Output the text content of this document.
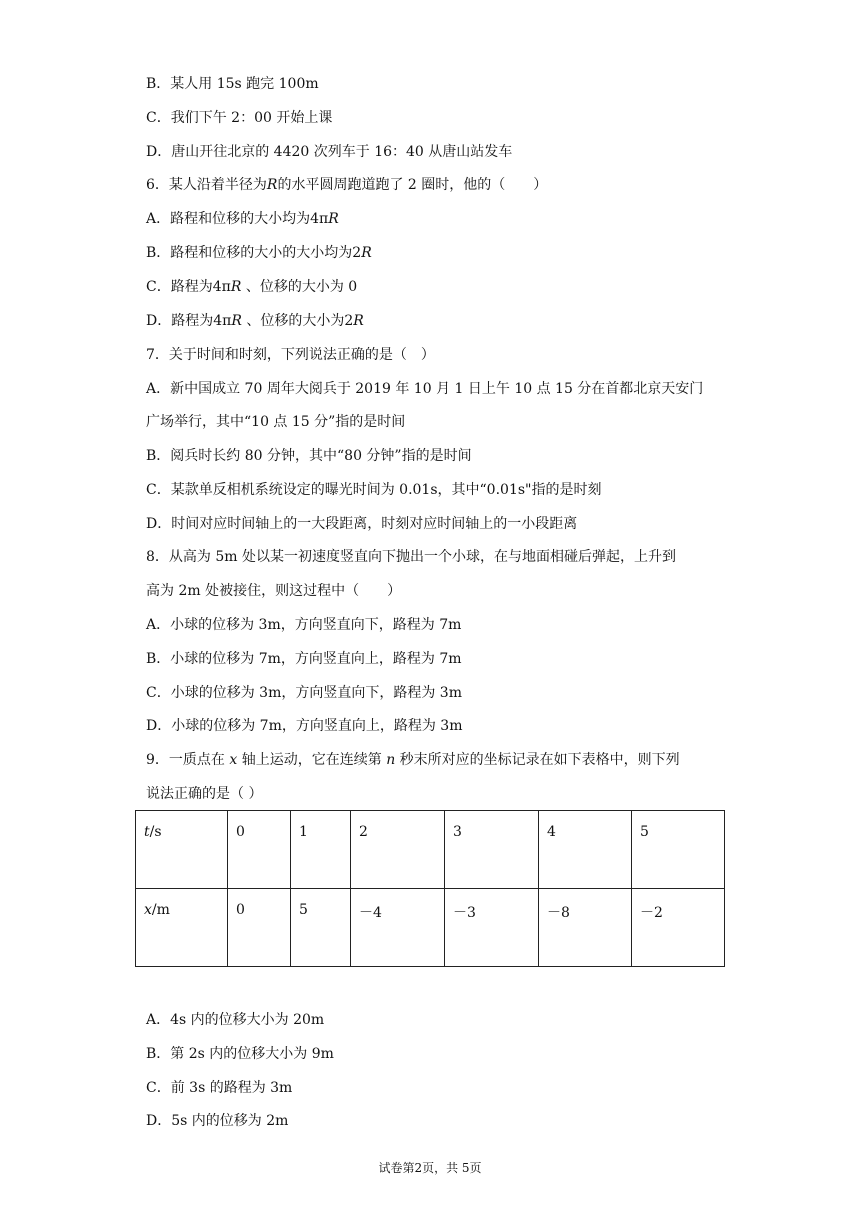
B．某人用 15s 跑完 100m
C．我们下午 2：00 开始上课
D．唐山开往北京的 4420 次列车于 16：40 从唐山站发车
6．某人沿着半径为R的水平圆周跑道跑了 2 圈时，他的（　　）
A．路程和位移的大小均为4πR
B．路程和位移的大小的大小均为2R
C．路程为4πR 、位移的大小为 0
D．路程为4πR 、位移的大小为2R
7．关于时间和时刻，下列说法正确的是（　）
A．新中国成立 70 周年大阅兵于 2019 年 10 月 1 日上午 10 点 15 分在首都北京天安门
广场举行，其中“10 点 15 分”指的是时间
B．阅兵时长约 80 分钟，其中“80 分钟”指的是时间
C．某款单反相机系统设定的曝光时间为 0.01s，其中“0.01s"指的是时刻
D．时间对应时间轴上的一大段距离，时刻对应时间轴上的一小段距离
8．从高为 5m 处以某一初速度竖直向下抛出一个小球，在与地面相碰后弹起，上升到
高为 2m 处被接住，则这过程中（　　）
A．小球的位移为 3m，方向竖直向下，路程为 7m
B．小球的位移为 7m，方向竖直向上，路程为 7m
C．小球的位移为 3m，方向竖直向下，路程为 3m
D．小球的位移为 7m，方向竖直向上，路程为 3m
9．一质点在 x 轴上运动，它在连续第 n 秒末所对应的坐标记录在如下表格中，则下列
说法正确的是（ ）
t/s	0	1	2	3	4	5
x/m	0	5	－4	－3	－8	－2
A．4s 内的位移大小为 20m
B．第 2s 内的位移大小为 9m
C．前 3s 的路程为 3m
D．5s 内的位移为 2m
试卷第2页，共 5页
